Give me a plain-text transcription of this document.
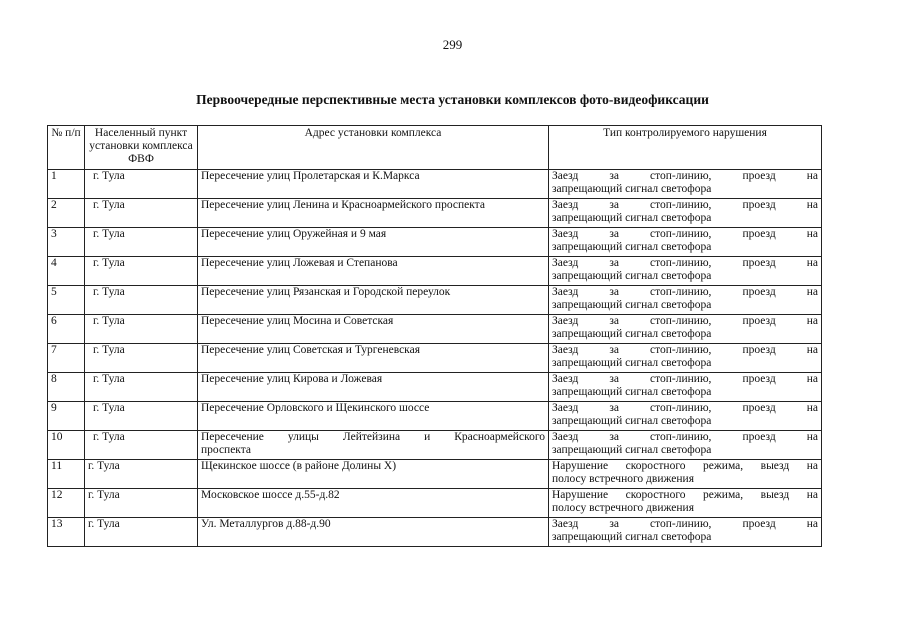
299
Первоочередные перспективные места установки комплексов фото-видеофиксации
№ п/п	Населенный пункт установки комплекса ФВФ	Адрес установки комплекса	Тип контролируемого нарушения
1	г. Тула	Пересечение улиц Пролетарская и К.Маркса	Заезд за стоп-линию, проезд на
запрещающий сигнал светофора
2	г. Тула	Пересечение улиц Ленина и Красноармейского проспекта	Заезд за стоп-линию, проезд на
запрещающий сигнал светофора
3	г. Тула	Пересечение улиц Оружейная и 9 мая	Заезд за стоп-линию, проезд на
запрещающий сигнал светофора
4	г. Тула	Пересечение улиц Ложевая и Степанова	Заезд за стоп-линию, проезд на
запрещающий сигнал светофора
5	г. Тула	Пересечение улиц Рязанская и Городской переулок	Заезд за стоп-линию, проезд на
запрещающий сигнал светофора
6	г. Тула	Пересечение улиц Мосина и Советская	Заезд за стоп-линию, проезд на
запрещающий сигнал светофора
7	г. Тула	Пересечение улиц Советская и Тургеневская	Заезд за стоп-линию, проезд на
запрещающий сигнал светофора
8	г. Тула	Пересечение улиц Кирова и Ложевая	Заезд за стоп-линию, проезд на
запрещающий сигнал светофора
9	г. Тула	Пересечение Орловского и Щекинского шоссе	Заезд за стоп-линию, проезд на
запрещающий сигнал светофора
10	г. Тула	Пересечение улицы Лейтейзина и Красноармейского
проспекта	Заезд за стоп-линию, проезд на
запрещающий сигнал светофора
11	г. Тула	Щекинское шоссе (в районе Долины Х)	Нарушение скоростного режима, выезд на
полосу встречного движения
12	г. Тула	Московское шоссе д.55-д.82	Нарушение скоростного режима, выезд на
полосу встречного движения
13	г. Тула	Ул. Металлургов д.88-д.90	Заезд за стоп-линию, проезд на
запрещающий сигнал светофора
